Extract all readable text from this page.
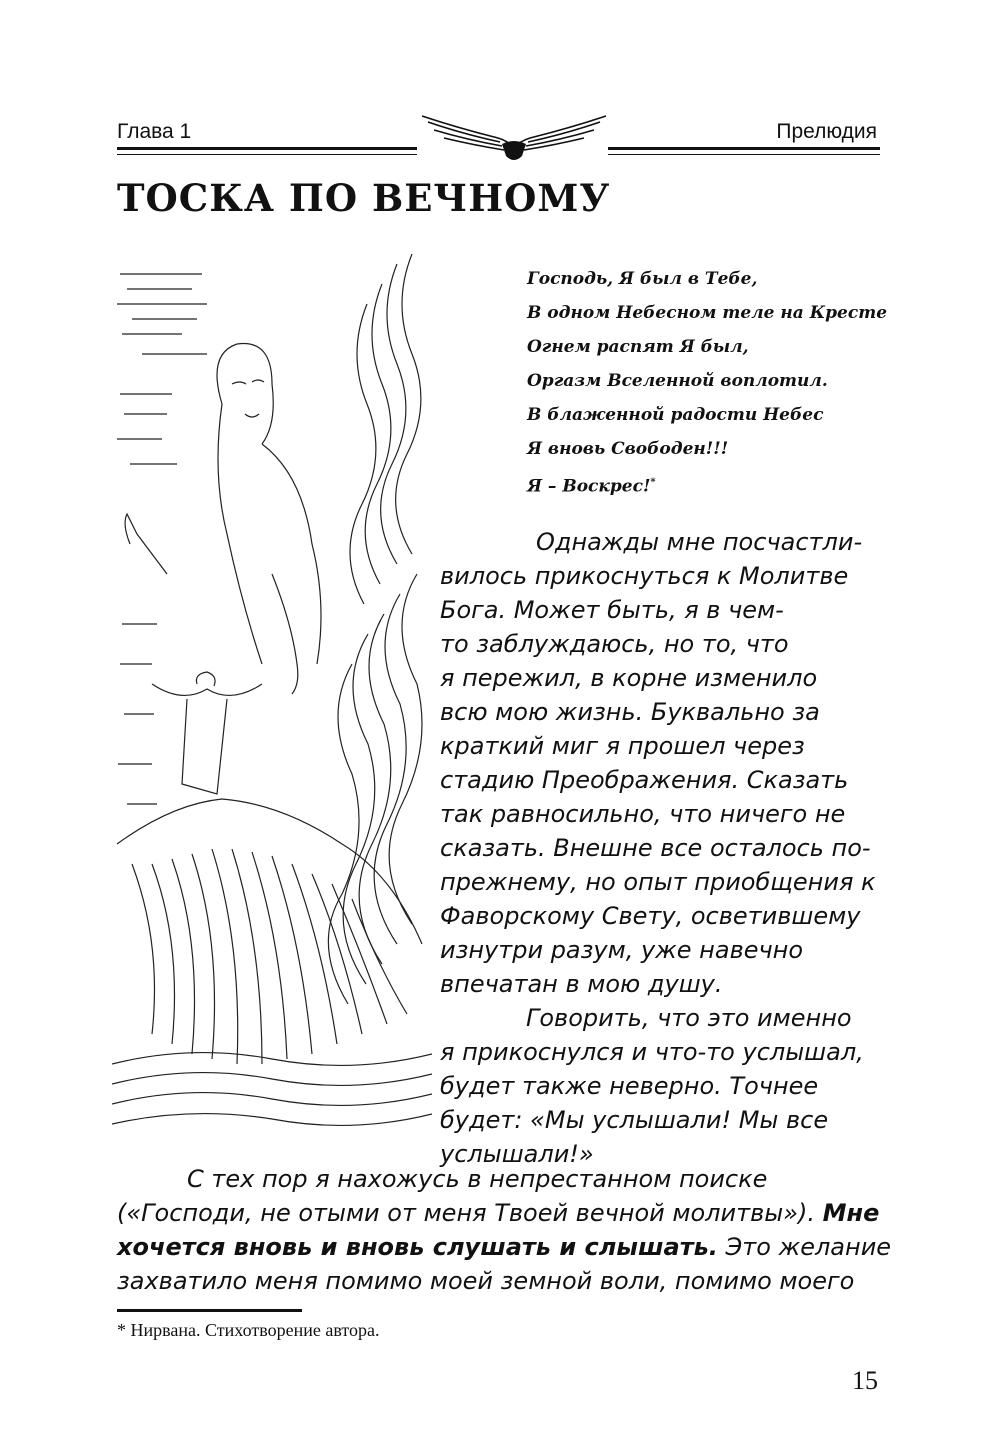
Глава 1	Прелюдия
ТОСКА ПО ВЕЧНОМУ
Господь, Я был в Тебе,
В одном Небесном теле на Кресте
Огнем распят Я был,
Оргазм Вселенной воплотил.
В блаженной радости Небес
Я вновь Свободен!!!
Я – Воскрес!*
Однажды мне посчастли-
вилось прикоснуться к Молитве
Бога. Может быть, я в чем-
то заблуждаюсь, но то, что
я пережил, в корне изменило
всю мою жизнь. Буквально за
краткий миг я прошел через
стадию Преображения. Сказать
так равносильно, что ничего не
сказать. Внешне все осталось по-
прежнему, но опыт приобщения к
Фаворскому Свету, осветившему
изнутри разум, уже навечно
впечатан в мою душу.
Говорить, что это именно
я прикоснулся и что-то услышал,
будет также неверно. Точнее
будет: «Мы услышали! Мы все
услышали!»
С тех пор я нахожусь в непрестанном поиске
(«Господи, не отыми от меня Твоей вечной молитвы»). Мне
хочется вновь и вновь слушать и слышать. Это желание
захватило меня помимо моей земной воли, помимо моего
* Нирвана. Стихотворение автора.
15
